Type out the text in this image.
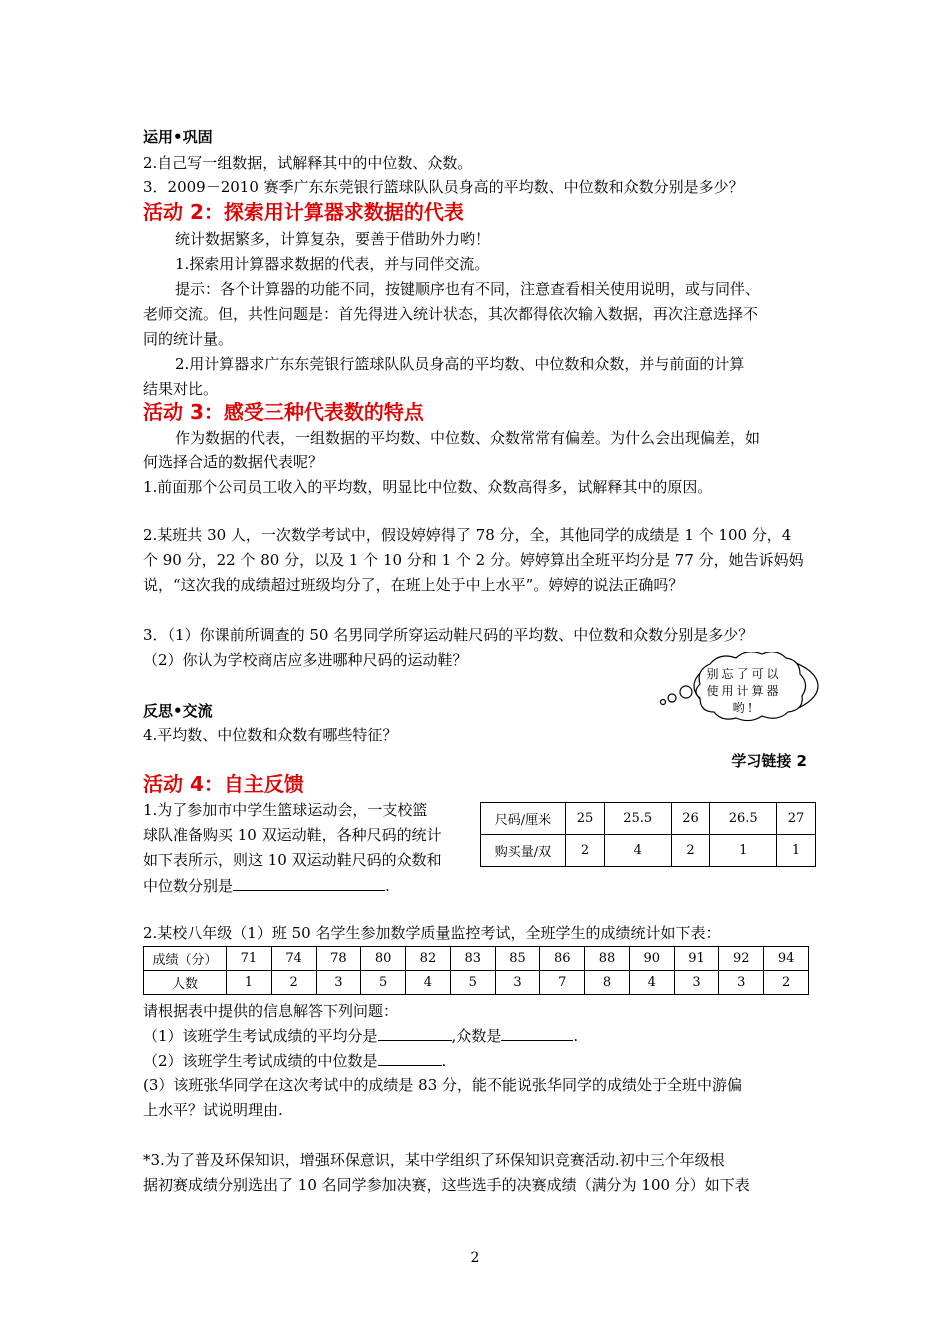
运用•巩固
2.自己写一组数据，试解释其中的中位数、众数。
3．2009－2010 赛季广东东莞银行篮球队队员身高的平均数、中位数和众数分别是多少？
活动 2：探索用计算器求数据的代表
统计数据繁多，计算复杂，要善于借助外力哟！
1.探索用计算器求数据的代表，并与同伴交流。
提示：各个计算器的功能不同，按键顺序也有不同，注意查看相关使用说明，或与同伴、
老师交流。但，共性问题是：首先得进入统计状态，其次都得依次输入数据，再次注意选择不
同的统计量。
2.用计算器求广东东莞银行篮球队队员身高的平均数、中位数和众数，并与前面的计算
结果对比。
活动 3：感受三种代表数的特点
作为数据的代表，一组数据的平均数、中位数、众数常常有偏差。为什么会出现偏差，如
何选择合适的数据代表呢？
1.前面那个公司员工收入的平均数，明显比中位数、众数高得多，试解释其中的原因。
2.某班共 30 人，一次数学考试中，假设婷婷得了 78 分，全，其他同学的成绩是 1 个 100 分，4
个 90 分，22 个 80 分，以及 1 个 10 分和 1 个 2 分。婷婷算出全班平均分是 77 分，她告诉妈妈
说，“这次我的成绩超过班级均分了，在班上处于中上水平”。婷婷的说法正确吗？
3．（1）你课前所调查的 50 名男同学所穿运动鞋尺码的平均数、中位数和众数分别是多少？
（2）你认为学校商店应多进哪种尺码的运动鞋？
别忘了可以
使用计算器
哟!
反思•交流
4.平均数、中位数和众数有哪些特征？
学习链接 2
活动 4：自主反馈
1.为了参加市中学生篮球运动会，一支校篮
球队准备购买 10 双运动鞋，各种尺码的统计
如下表所示，则这 10 双运动鞋尺码的众数和
中位数分别是	.
尺码/厘米	25	25.5	26	26.5	27
购买量/双	2	4	2	1	1
2.某校八年级（1）班 50 名学生参加数学质量监控考试，全班学生的成绩统计如下表：
成绩（分）	71	74	78	80	82	83	85	86	88	90	91	92	94
人数	1	2	3	5	4	5	3	7	8	4	3	3	2
请根据表中提供的信息解答下列问题：
（1）该班学生考试成绩的平均分是	,众数是	.
（2）该班学生考试成绩的中位数是	.
(3）该班张华同学在这次考试中的成绩是 83 分，能不能说张华同学的成绩处于全班中游偏
上水平？试说明理由.
*3.为了普及环保知识，增强环保意识，某中学组织了环保知识竞赛活动.初中三个年级根
据初赛成绩分别选出了 10 名同学参加决赛，这些选手的决赛成绩（满分为 100 分）如下表
2
